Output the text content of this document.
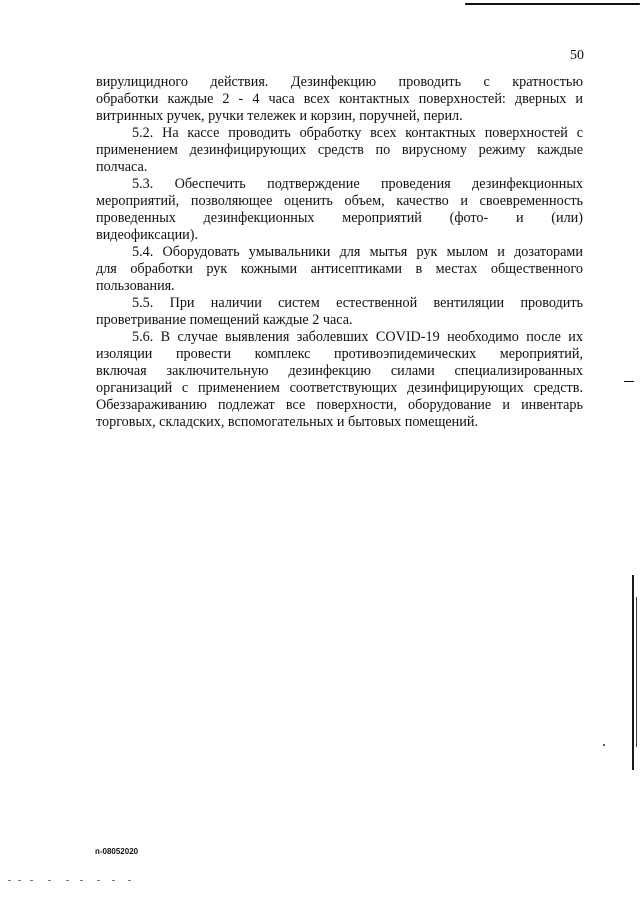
50

вирулицидного действия. Дезинфекцию проводить с кратностью
обработки каждые 2 - 4 часа всех контактных поверхностей: дверных и
витринных ручек, ручки тележек и корзин, поручней, перил.

5.2. На кассе проводить обработку всех контактных поверхностей с
применением дезинфицирующих средств по вирусному режиму каждые
полчаса.

5.3. Обеспечить подтверждение проведения дезинфекционных
мероприятий, позволяющее оценить объем, качество и своевременность
проведенных дезинфекционных мероприятий (фото- и (или)
видеофиксации).

5.4. Оборудовать умывальники для мытья рук мылом и дозаторами
для обработки рук кожными антисептиками в местах общественного
пользования.

5.5. При наличии систем естественной вентиляции проводить
проветривание помещений каждые 2 часа.

5.6. В случае выявления заболевших COVID-19 необходимо после их
изоляции провести комплекс противоэпидемических мероприятий,
включая заключительную дезинфекцию силами специализированных
организаций с применением соответствующих дезинфицирующих средств.
Обеззараживанию подлежат все поверхности, оборудование и инвентарь
торговых, складских, вспомогательных и бытовых помещений.

п-08052020
